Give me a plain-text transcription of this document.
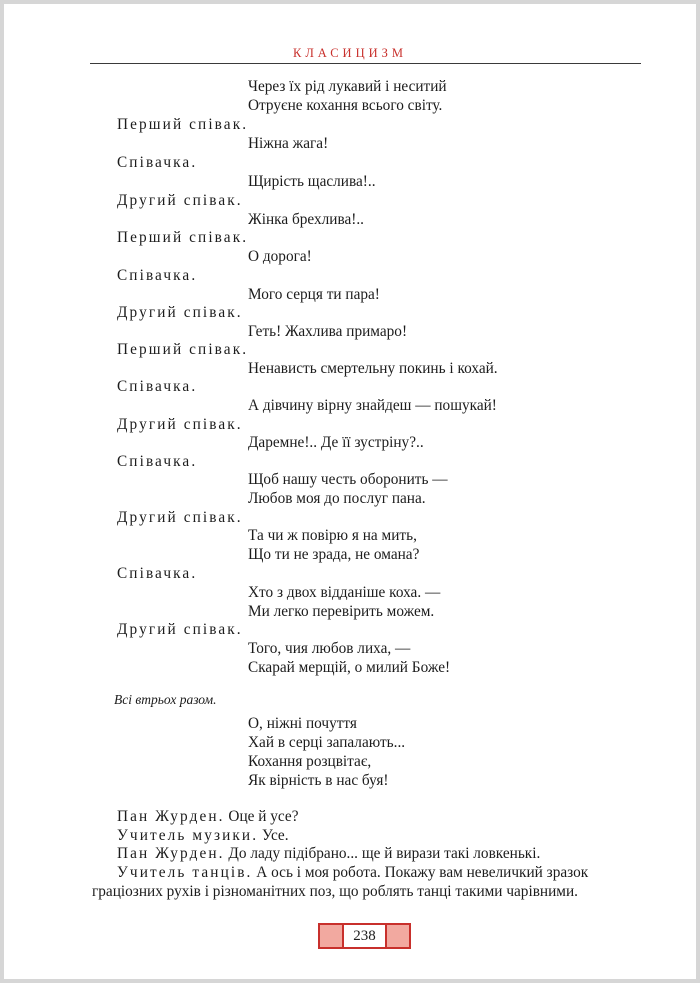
КЛАСИЦИЗМ
Через їх рід лукавий і неситий
Отруєне кохання всього світу.
Перший співак.
Ніжна жага!
Співачка.
Щирість щаслива!..
Другий співак.
Жінка брехлива!..
Перший співак.
О дорога!
Співачка.
Мого серця ти пара!
Другий співак.
Геть! Жахлива примаро!
Перший співак.
Ненависть смертельну покинь і кохай.
Співачка.
А дівчину вірну знайдеш — пошукай!
Другий співак.
Даремне!.. Де її зустріну?..
Співачка.
Щоб нашу честь оборонить —
Любов моя до послуг пана.
Другий співак.
Та чи ж повірю я на мить,
Що ти не зрада, не омана?
Співачка.
Хто з двох відданіше коха. —
Ми легко перевірить можем.
Другий співак.
Того, чия любов лиха, —
Скарай мерщій, о милий Боже!
Всі втрьох разом.
О, ніжні почуття
Хай в серці запалають...
Кохання розцвітає,
Як вірність в нас буя!
Пан Журден. Оце й усе?
Учитель музики. Усе.
Пан Журден. До ладу підібрано... ще й вирази такі ловкенькі.
Учитель танців. А ось і моя робота. Покажу вам невеличкий зразок
граціозних рухів і різноманітних поз, що роблять танці такими чарівними.
238
